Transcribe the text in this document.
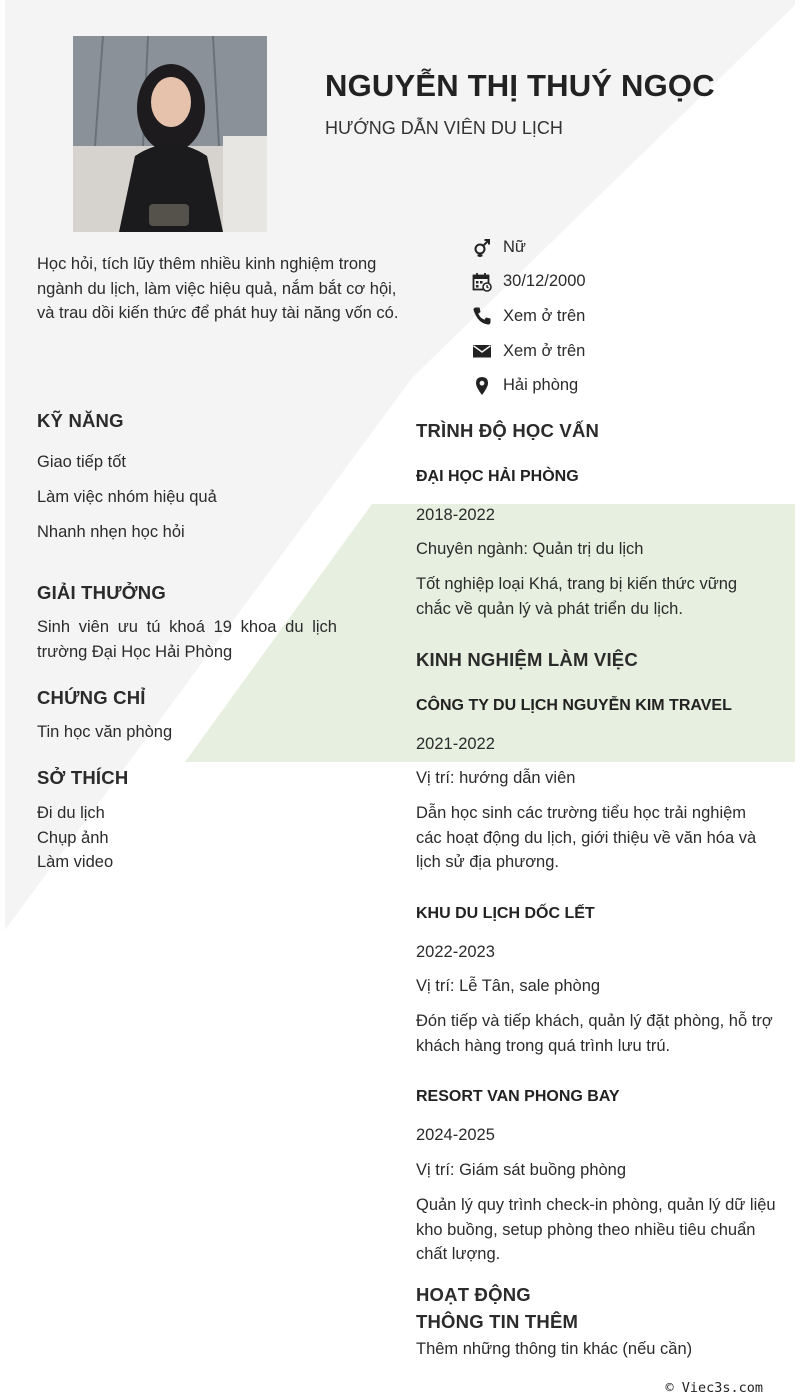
NGUYỄN THỊ THUÝ NGỌC
HƯỚNG DẪN VIÊN DU LỊCH
Học hỏi, tích lũy thêm nhiều kinh nghiệm trong ngành du lịch, làm việc hiệu quả, nắm bắt cơ hội, và trau dồi kiến thức để phát huy tài năng vốn có.
Nữ
30/12/2000
Xem ở trên
Xem ở trên
Hải phòng
KỸ NĂNG
Giao tiếp tốt
Làm việc nhóm hiệu quả
Nhanh nhẹn học hỏi
GIẢI THƯỞNG
Sinh viên ưu tú khoá 19 khoa du lịch trường Đại Học Hải Phòng
CHỨNG CHỈ
Tin học văn phòng
SỞ THÍCH
Đi du lịch
Chụp ảnh
Làm video
TRÌNH ĐỘ HỌC VẤN
ĐẠI HỌC HẢI PHÒNG
2018-2022
Chuyên ngành: Quản trị du lịch
Tốt nghiệp loại Khá, trang bị kiến thức vững chắc về quản lý và phát triển du lịch.
KINH NGHIỆM LÀM VIỆC
CÔNG TY DU LỊCH NGUYỄN KIM TRAVEL
2021-2022
Vị trí: hướng dẫn viên
Dẫn học sinh các trường tiểu học trải nghiệm các hoạt động du lịch, giới thiệu về văn hóa và lịch sử địa phương.
KHU DU LỊCH DỐC LẾT
2022-2023
Vị trí: Lễ Tân, sale phòng
Đón tiếp và tiếp khách, quản lý đặt phòng, hỗ trợ khách hàng trong quá trình lưu trú.
RESORT VAN PHONG BAY
2024-2025
Vị trí: Giám sát buồng phòng
Quản lý quy trình check-in phòng, quản lý dữ liệu kho buồng, setup phòng theo nhiều tiêu chuẩn chất lượng.
HOẠT ĐỘNG
THÔNG TIN THÊM
Thêm những thông tin khác (nếu cần)
© Viec3s.com
